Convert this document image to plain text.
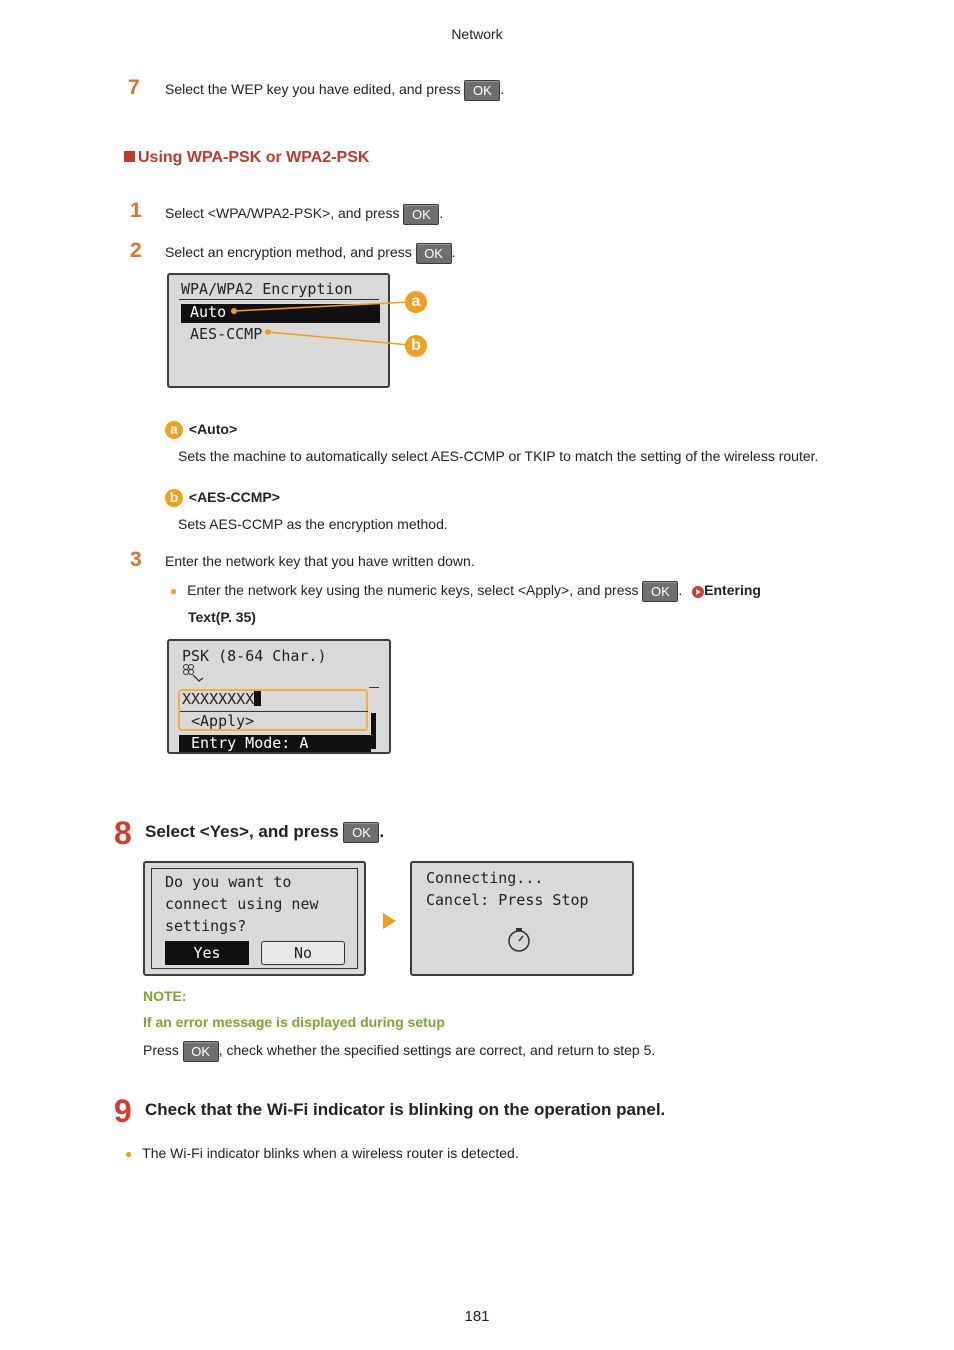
Network
7 Select the WEP key you have edited, and press OK .
Using WPA-PSK or WPA2-PSK
1 Select <WPA/WPA2-PSK>, and press OK .
2 Select an encryption method, and press OK .
WPA/WPA2 Encryption
Auto
AES-CCMP
a
b
a <Auto>
Sets the machine to automatically select AES-CCMP or TKIP to match the setting of the wireless router.
b <AES-CCMP>
Sets AES-CCMP as the encryption method.
3 Enter the network key that you have written down.
● Enter the network key using the numeric keys, select <Apply>, and press OK . Entering
Text(P. 35)
PSK (8-64 Char.)
XXXXXXXX
<Apply>
Entry Mode: A
8 Select <Yes>, and press OK .
Do you want to
connect using new
settings?
Yes	No
Connecting...
Cancel: Press Stop
NOTE:
If an error message is displayed during setup
Press OK , check whether the specified settings are correct, and return to step 5.
9 Check that the Wi-Fi indicator is blinking on the operation panel.
● The Wi-Fi indicator blinks when a wireless router is detected.
181
